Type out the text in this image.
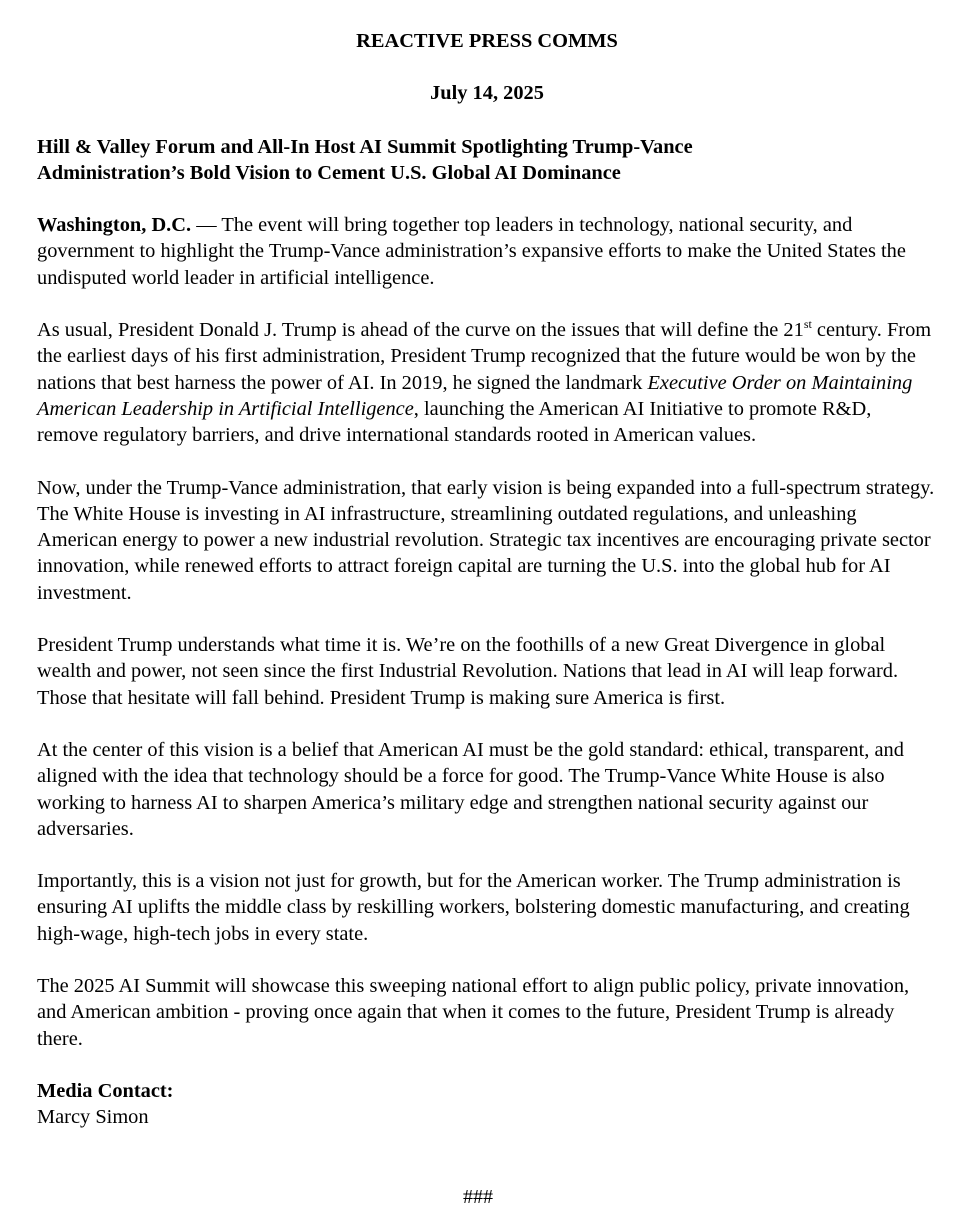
REACTIVE PRESS COMMS

July 14, 2025

Hill & Valley Forum and All-In Host AI Summit Spotlighting Trump-Vance
Administration’s Bold Vision to Cement U.S. Global AI Dominance

Washington, D.C. — The event will bring together top leaders in technology, national security, and government to highlight the Trump-Vance administration’s expansive efforts to make the United States the undisputed world leader in artificial intelligence.

As usual, President Donald J. Trump is ahead of the curve on the issues that will define the 21st century. From the earliest days of his first administration, President Trump recognized that the future would be won by the nations that best harness the power of AI. In 2019, he signed the landmark Executive Order on Maintaining American Leadership in Artificial Intelligence, launching the American AI Initiative to promote R&D, remove regulatory barriers, and drive international standards rooted in American values.

Now, under the Trump-Vance administration, that early vision is being expanded into a full-spectrum strategy. The White House is investing in AI infrastructure, streamlining outdated regulations, and unleashing American energy to power a new industrial revolution. Strategic tax incentives are encouraging private sector innovation, while renewed efforts to attract foreign capital are turning the U.S. into the global hub for AI investment.

President Trump understands what time it is. We’re on the foothills of a new Great Divergence in global wealth and power, not seen since the first Industrial Revolution. Nations that lead in AI will leap forward. Those that hesitate will fall behind. President Trump is making sure America is first.

At the center of this vision is a belief that American AI must be the gold standard: ethical, transparent, and aligned with the idea that technology should be a force for good. The Trump-Vance White House is also working to harness AI to sharpen America’s military edge and strengthen national security against our adversaries.

Importantly, this is a vision not just for growth, but for the American worker. The Trump administration is ensuring AI uplifts the middle class by reskilling workers, bolstering domestic manufacturing, and creating high-wage, high-tech jobs in every state.

The 2025 AI Summit will showcase this sweeping national effort to align public policy, private innovation, and American ambition - proving once again that when it comes to the future, President Trump is already there.

Media Contact:
Marcy Simon
###
